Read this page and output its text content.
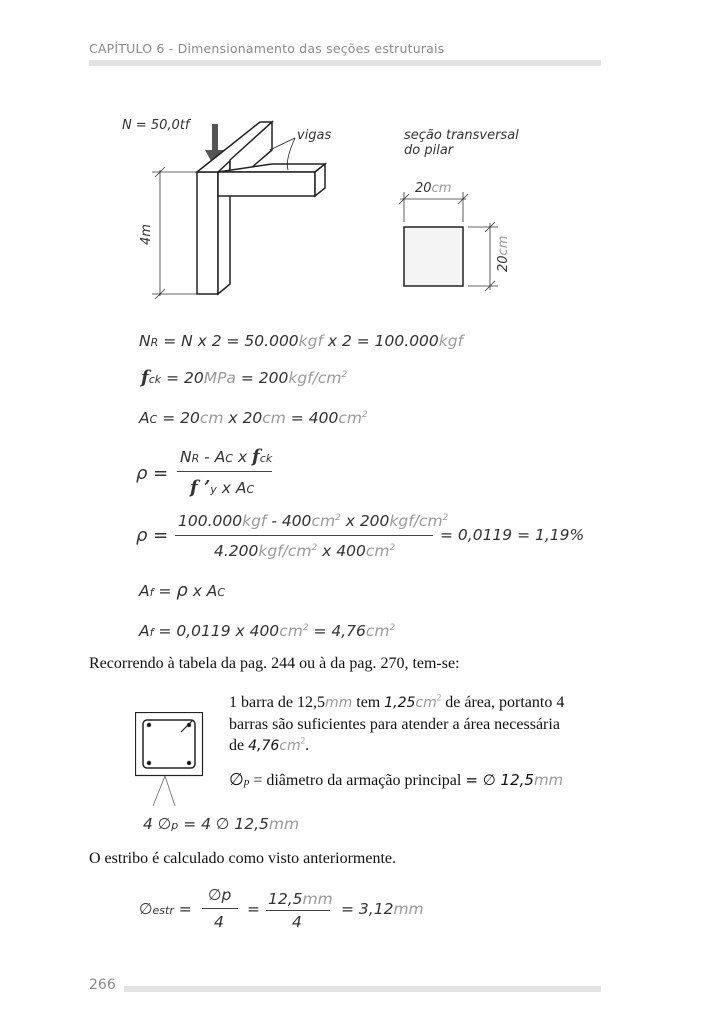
CAPÍTULO 6 - Dimensionamento das seções estruturais
N = 50,0tf
vigas
4m
seção transversal
do pilar
20cm
20cm
NR = N x 2 = 50.000kgf x 2 = 100.000kgf
fck = $20MPa = 200kgf/cm^2$
AC = 20cm x $20cm = 400cm^2$
ρ =
NR - AC x fck
f ’y x AC
ρ =
$100.000kgf - 400cm^2$ x $200kgf/cm^2$
$4.200kgf/cm^2$ x $400cm^2$
= 0,0119 = 1,19%
Af = ρ x AC
Af = 0,0119 x $400cm^2 = 4,76cm^2$
Recorrendo à tabela da pag. 244 ou à da pag. 270, tem-se:
1 barra de 12,5mm tem $1,25cm^2$ de área, portanto 4
barras são suficientes para atender a área necessária
de $4,76cm^2$.
∅p = diâmetro da armação principal = ∅ 12,5mm
4 ∅p = 4 ∅ 12,5mm
O estribo é calculado como visto anteriormente.
∅estr =
∅p
4
=
12,5mm
4
= 3,12mm
266
